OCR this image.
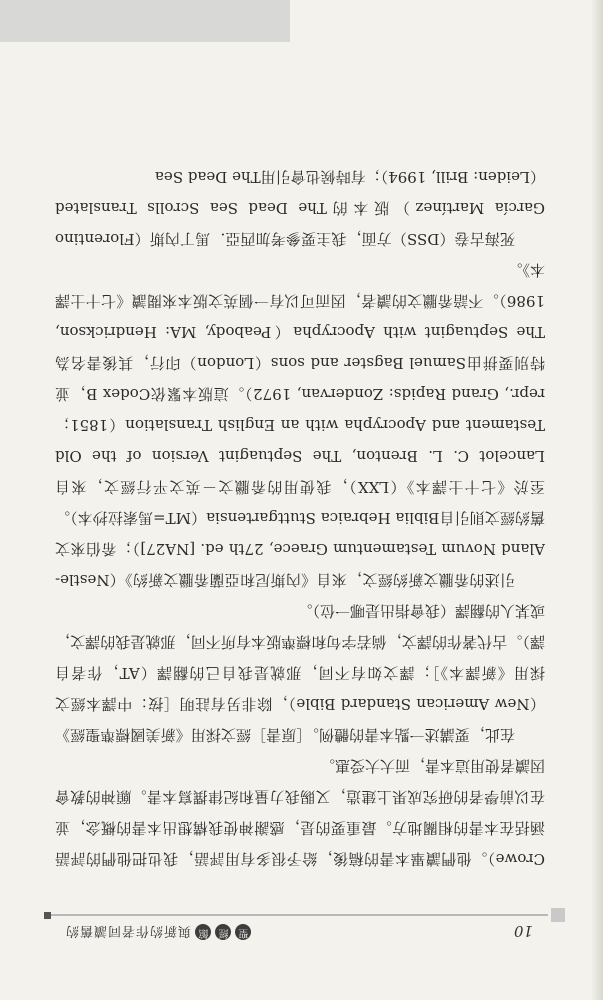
10
聖
經
館
與新約作者同讀舊約

Crowe）。他們讀畢本書的稿後，給予很多有用評語，我也把他們的評語涵括在本書的相關地方。最重要的是，感謝神使我構想出本書的概念，並在以前學者的研究成果上建造，又賜我力量和紀律撰寫本書。願神的教會因讀者使用這本書，而大大受惠。

在此，要講述一點本書的體例。［原書］經文採用《新美國標準聖經》（New American Standard Bible），除非另有註明［按：中譯本經文採用《新譯本》］；譯文如有不同，那就是我自己的翻譯（AT，作者自譯）。古代著作的譯文，倘若字句和標準版本有所不同，那就是我的譯文，或某人的翻譯（我會指出是哪一位）。

引述的希臘文新約經文，來自《內斯尼和亞蘭希臘文新約》（Nestle-Aland Novum Testamentum Graece, 27th ed. [NA27]）；希伯來文舊約經文則引自Biblia Hebraica Stuttgartensia（MT=馬索拉抄本）。至於《七十士譯本》（LXX），我使用的希臘文－英文平行經文，來自Lancelot C. L. Brenton, The Septuagint Version of the Old Testament and Apocrypha with an English Translation（1851；repr., Grand Rapids: Zondervan, 1972）。這版本緊依Codex B，並特別要拼由Samuel Bagster and sons（London）印行，其後書名為The Septuagint with Apocrypha（Peabody, MA: Hendrickson, 1986）。不諳希臘文的讀者，因而可以有一個英文版本來閱讀《七十士譯本》。

死海古卷（DSS）方面，我主要參考加西亞．馬丁內斯（Florentino García Martínez）版本的The Dead Sea Scrolls Translated（Leiden: Brill, 1994）；有時候也會引用The Dead Sea
